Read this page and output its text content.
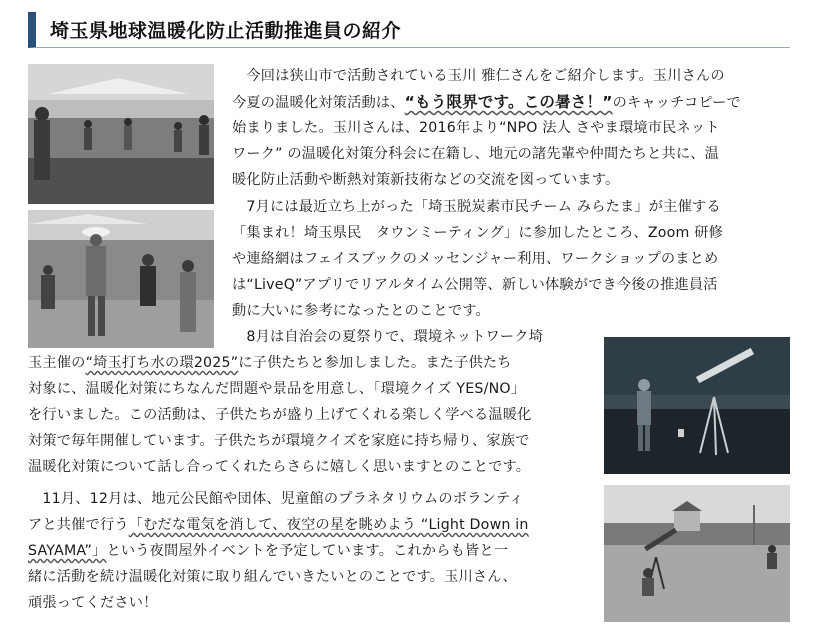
埼玉県地球温暖化防止活動推進員の紹介
　今回は狭山市で活動されている玉川 雅仁さんをご紹介します。玉川さんの
今夏の温暖化対策活動は、“もう限界です。この暑さ！”のキャッチコピーで
始まりました。玉川さんは、2016年より“NPO 法人 さやま環境市民ネット
ワーク” の温暖化対策分科会に在籍し、地元の諸先輩や仲間たちと共に、温
暖化防止活動や断熱対策新技術などの交流を図っています。
　7月には最近立ち上がった「埼玉脱炭素市民チーム みらたま」が主催する
「集まれ！埼玉県民　タウンミーティング」に参加したところ、Zoom 研修
や連絡網はフェイスブックのメッセンジャー利用、ワークショップのまとめ
は“LiveQ”アプリでリアルタイム公開等、新しい体験ができ今後の推進員活
動に大いに参考になったとのことです。
　8月は自治会の夏祭りで、環境ネットワーク埼
玉主催の“埼玉打ち水の環2025”に子供たちと参加しました。また子供たち
対象に、温暖化対策にちなんだ問題や景品を用意し、「環境クイズ YES/NO」
を行いました。この活動は、子供たちが盛り上げてくれる楽しく学べる温暖化
対策で毎年開催しています。子供たちが環境クイズを家庭に持ち帰り、家族で
温暖化対策について話し合ってくれたらさらに嬉しく思いますとのことです。
　11月、12月は、地元公民館や団体、児童館のプラネタリウムのボランティ
アと共催で行う「むだな電気を消して、夜空の星を眺めよう “Light Down in
SAYAMA”」という夜間屋外イベントを予定しています。これからも皆と一
緒に活動を続け温暖化対策に取り組んでいきたいとのことです。玉川さん、
頑張ってください！
